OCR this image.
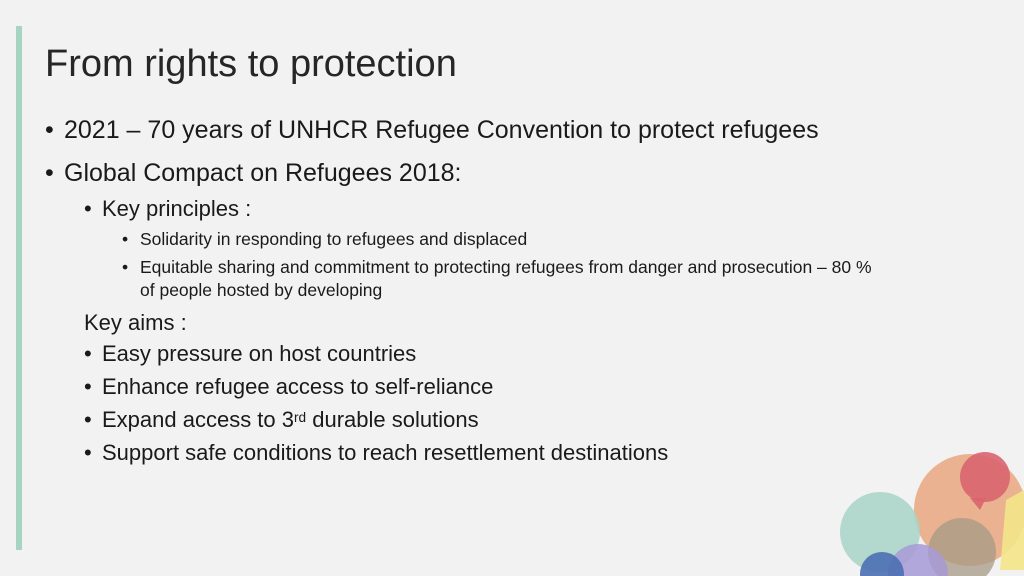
From rights to protection
• 2021 – 70 years of UNHCR Refugee Convention to protect refugees
• Global Compact on Refugees 2018:
• Key principles :
• Solidarity in responding to refugees and displaced
• Equitable sharing and commitment to protecting refugees from danger and prosecution – 80 %
of people hosted by developing
Key aims :
• Easy pressure on host countries
• Enhance refugee access to self-reliance
• Expand access to 3rd durable solutions
• Support safe conditions to reach resettlement destinations
